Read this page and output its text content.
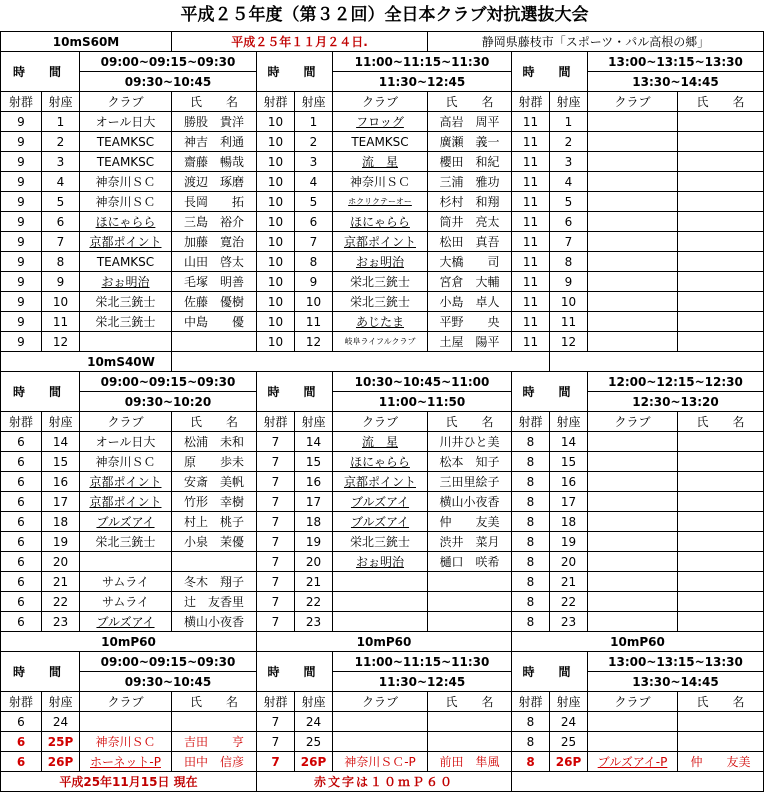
平成２５年度（第３２回）全日本クラブ対抗選抜大会
10mS60M			平成２５年１１月２４日.				静岡県藤枝市「スポーツ・パル高根の郷」				
時　間		09:00~09:15~09:30		時　間		11:00~11:15~11:30		時　間		13:00~13:15~13:30	
		09:30~10:45				11:30~12:45				13:30~14:45	
射群	射座	クラブ	氏　　名	射群	射座	クラブ	氏　　名	射群	射座	クラブ	氏　　名
9	1	オール日大	勝股　貴洋	10	1	フロッグ	高岩　周平	11	1		
9	2	TEAMKSC	神吉　利通	10	2	TEAMKSC	廣瀬　義一	11	2		
9	3	TEAMKSC	齋藤　暢哉	10	3	流　星	櫻田　和紀	11	3		
9	4	神奈川ＳＣ	渡辺　琢磨	10	4	神奈川ＳＣ	三浦　雅功	11	4		
9	5	神奈川ＳＣ	長岡　　拓	10	5	ホクリクテーオー	杉村　和翔	11	5		
9	6	ほにゃらら	三島　裕介	10	6	ほにゃらら	筒井　亮太	11	6		
9	7	京都ポイント	加藤　寛治	10	7	京都ポイント	松田　真吾	11	7		
9	8	TEAMKSC	山田　啓太	10	8	おぉ明治	大橋　　司	11	8		
9	9	おぉ明治	毛塚　明善	10	9	栄北三銃士	宮倉　大輔	11	9		
9	10	栄北三銃士	佐藤　優樹	10	10	栄北三銃士	小島　卓人	11	10		
9	11	栄北三銃士	中島　　優	10	11	あじたま	平野　　央	11	11		
9	12			10	12	岐阜ライフルクラブ	土屋　陽平	11	12		
10mS40W											
時　間		09:00~09:15~09:30		時　間		10:30~10:45~11:00		時　間		12:00~12:15~12:30	
		09:30~10:20				11:00~11:50				12:30~13:20	
射群	射座	クラブ	氏　　名	射群	射座	クラブ	氏　　名	射群	射座	クラブ	氏　　名
6	14	オール日大	松浦　未和	7	14	流　星	川井ひと美	8	14		
6	15	神奈川ＳＣ	原　　歩未	7	15	ほにゃらら	松本　知子	8	15		
6	16	京都ポイント	安斎　美帆	7	16	京都ポイント	三田里絵子	8	16		
6	17	京都ポイント	竹形　幸樹	7	17	ブルズアイ	横山小夜香	8	17		
6	18	ブルズアイ	村上　桃子	7	18	ブルズアイ	仲　　友美	8	18		
6	19	栄北三銃士	小泉　茉優	7	19	栄北三銃士	渋井　菜月	8	19		
6	20			7	20	おぉ明治	樋口　咲希	8	20		
6	21	サムライ	冬木　翔子	7	21			8	21		
6	22	サムライ	辻　友香里	7	22			8	22		
6	23	ブルズアイ	横山小夜香	7	23			8	23		
10mP60				10mP60				10mP60			
時　間		09:00~09:15~09:30		時　間		11:00~11:15~11:30		時　間		13:00~13:15~13:30	
		09:30~10:45				11:30~12:45				13:30~14:45	
射群	射座	クラブ	氏　　名	射群	射座	クラブ	氏　　名	射群	射座	クラブ	氏　　名
6	24			7	24			8	24		
6	25P	神奈川ＳＣ	吉田　　亨	7	25			8	25		
6	26P	ホーネット-P	田中　信彦	7	26P	神奈川ＳＣ-P	前田　隼風	8	26P	ブルズアイ-P	仲　　友美
平成25年11月15日 現在				赤文字は１０ｍＰ６０							
